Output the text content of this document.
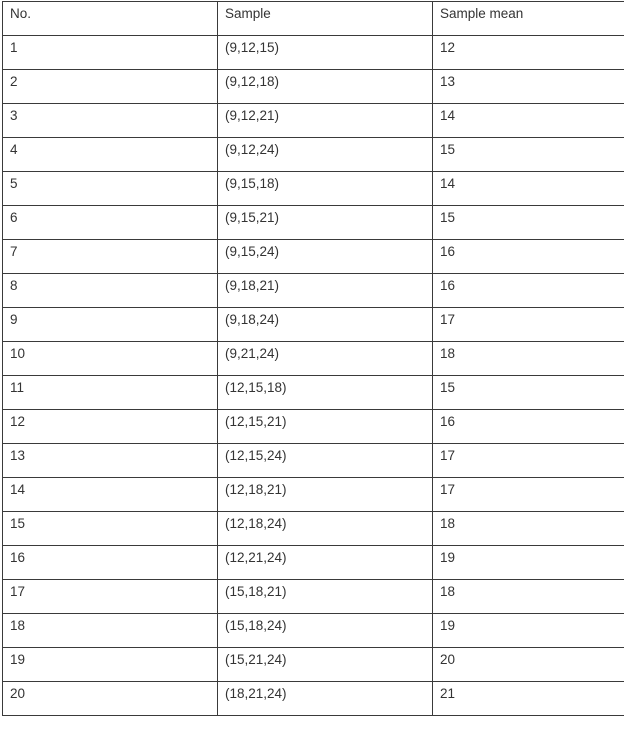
No.	Sample	Sample mean

1	(9,12,15)	12

2	(9,12,18)	13

3	(9,12,21)	14

4	(9,12,24)	15

5	(9,15,18)	14

6	(9,15,21)	15

7	(9,15,24)	16

8	(9,18,21)	16

9	(9,18,24)	17

10	(9,21,24)	18

11	(12,15,18)	15

12	(12,15,21)	16

13	(12,15,24)	17

14	(12,18,21)	17

15	(12,18,24)	18

16	(12,21,24)	19

17	(15,18,21)	18

18	(15,18,24)	19

19	(15,21,24)	20

20	(18,21,24)	21
